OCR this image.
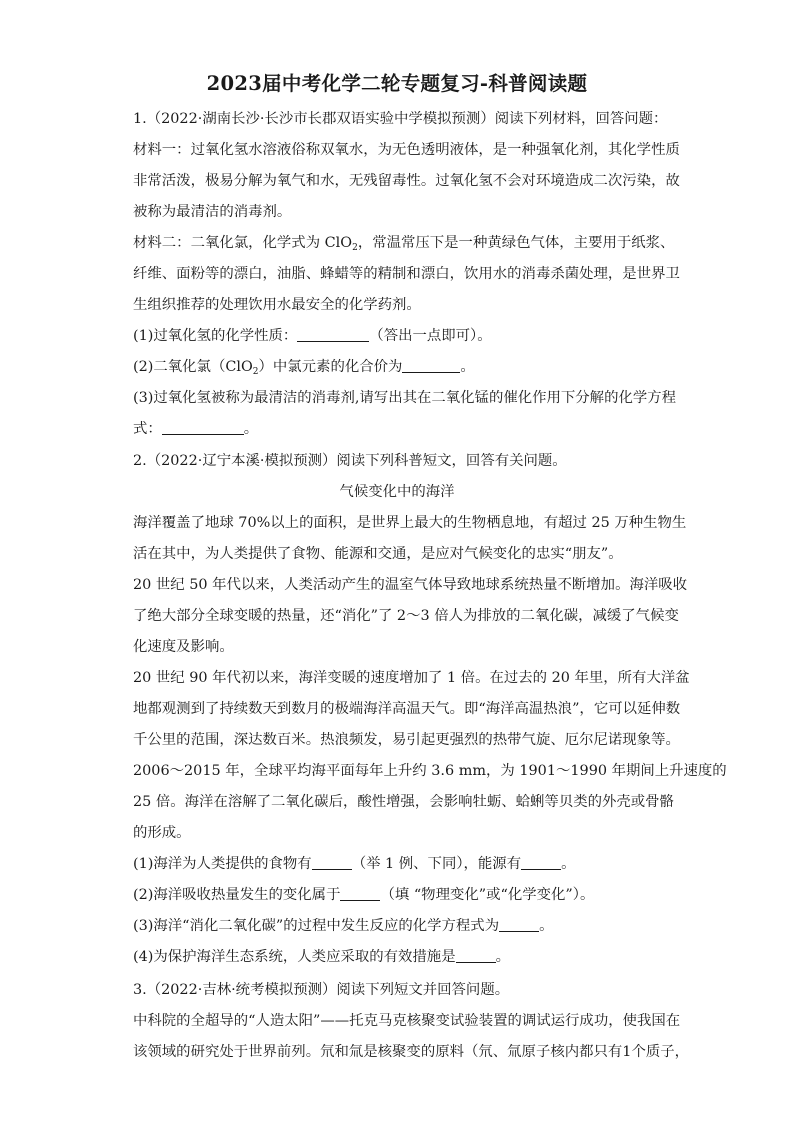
2023届中考化学二轮专题复习-科普阅读题
1.（2022·湖南长沙·长沙市长郡双语实验中学模拟预测）阅读下列材料，回答问题：
材料一：过氧化氢水溶液俗称双氧水，为无色透明液体，是一种强氧化剂，其化学性质
非常活泼，极易分解为氧气和水，无残留毒性。过氧化氢不会对环境造成二次污染，故
被称为最清洁的消毒剂。
材料二：二氧化氯，化学式为 ClO$_2$，常温常压下是一种黄绿色气体，主要用于纸浆、
纤维、面粉等的漂白，油脂、蜂蜡等的精制和漂白，饮用水的消毒杀菌处理，是世界卫
生组织推荐的处理饮用水最安全的化学药剂。
(1)过氧化氢的化学性质：	（答出一点即可）。
(2)二氧化氯（ClO$_2$）中氯元素的化合价为	。
(3)过氧化氢被称为最清洁的消毒剂,请写出其在二氧化锰的催化作用下分解的化学方程
式：	。
2.（2022·辽宁本溪·模拟预测）阅读下列科普短文，回答有关问题。
气候变化中的海洋
海洋覆盖了地球 70%以上的面积，是世界上最大的生物栖息地，有超过 25 万种生物生
活在其中，为人类提供了食物、能源和交通，是应对气候变化的忠实“朋友”。
20 世纪 50 年代以来，人类活动产生的温室气体导致地球系统热量不断增加。海洋吸收
了绝大部分全球变暖的热量，还“消化”了 2～3 倍人为排放的二氧化碳，减缓了气候变
化速度及影响。
20 世纪 90 年代初以来，海洋变暖的速度增加了 1 倍。在过去的 20 年里，所有大洋盆
地都观测到了持续数天到数月的极端海洋高温天气。即“海洋高温热浪”，它可以延伸数
千公里的范围，深达数百米。热浪频发，易引起更强烈的热带气旋、厄尔尼诺现象等。
2006～2015 年，全球平均海平面每年上升约 3.6 mm，为 1901～1990 年期间上升速度的
25 倍。海洋在溶解了二氧化碳后，酸性增强，会影响牡蛎、蛤蜊等贝类的外壳或骨骼
的形成。
(1)海洋为人类提供的食物有	（举 1 例、下同），能源有	。
(2)海洋吸收热量发生的变化属于	（填 “物理变化”或“化学变化”）。
(3)海洋“消化二氧化碳”的过程中发生反应的化学方程式为	。
(4)为保护海洋生态系统，人类应采取的有效措施是	。
3.（2022·吉林·统考模拟预测）阅读下列短文并回答问题。
中科院的全超导的“人造太阳”——托克马克核聚变试验装置的调试运行成功，使我国在
该领域的研究处于世界前列。氘和氚是核聚变的原料（氘、氚原子核内都只有1个质子，
